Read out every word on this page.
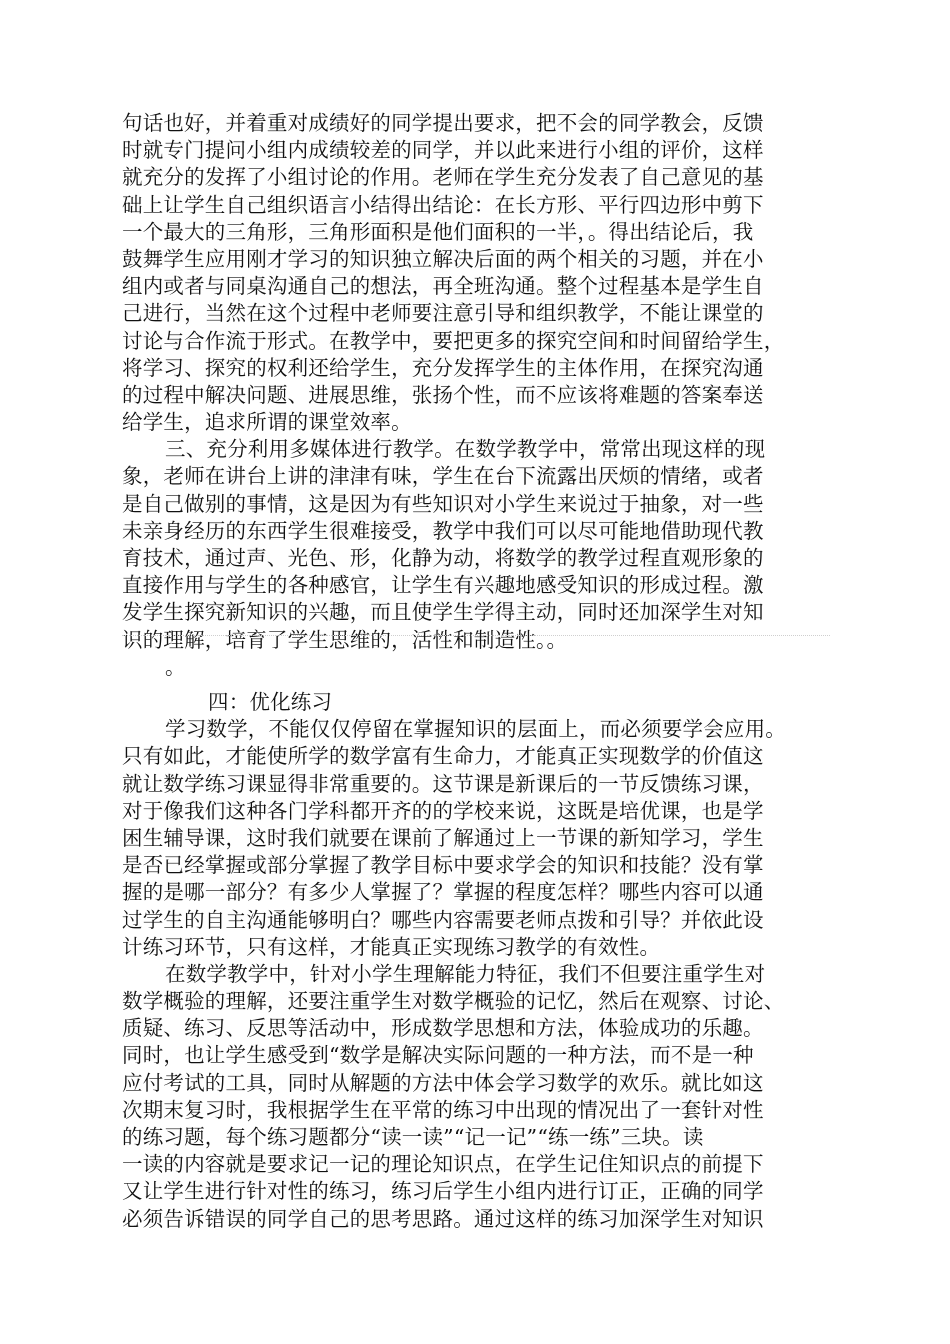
句话也好，并着重对成绩好的同学提出要求，把不会的同学教会，反馈
时就专门提问小组内成绩较差的同学，并以此来进行小组的评价，这样
就充分的发挥了小组讨论的作用。老师在学生充分发表了自己意见的基
础上让学生自己组织语言小结得出结论：在长方形、平行四边形中剪下
一个最大的三角形，三角形面积是他们面积的一半，。得出结论后，我
鼓舞学生应用刚才学习的知识独立解决后面的两个相关的习题，并在小
组内或者与同桌沟通自己的想法，再全班沟通。整个过程基本是学生自
己进行，当然在这个过程中老师要注意引导和组织教学，不能让课堂的
讨论与合作流于形式。在教学中，要把更多的探究空间和时间留给学生，
将学习、探究的权利还给学生，充分发挥学生的主体作用，在探究沟通
的过程中解决问题、进展思维，张扬个性，而不应该将难题的答案奉送
给学生，追求所谓的课堂效率。
三、充分利用多媒体进行教学。在数学教学中，常常出现这样的现
象，老师在讲台上讲的津津有味，学生在台下流露出厌烦的情绪，或者
是自己做别的事情，这是因为有些知识对小学生来说过于抽象，对一些
未亲身经历的东西学生很难接受，教学中我们可以尽可能地借助现代教
育技术，通过声、光色、形，化静为动，将数学的教学过程直观形象的
直接作用与学生的各种感官，让学生有兴趣地感受知识的形成过程。激
发学生探究新知识的兴趣，而且使学生学得主动，同时还加深学生对知
识的理解，培育了学生思维的，活性和制造性。。
。
四：优化练习
学习数学，不能仅仅停留在掌握知识的层面上，而必须要学会应用。
只有如此，才能使所学的数学富有生命力，才能真正实现数学的价值这
就让数学练习课显得非常重要的。这节课是新课后的一节反馈练习课，
对于像我们这种各门学科都开齐的的学校来说，这既是培优课，也是学
困生辅导课，这时我们就要在课前了解通过上一节课的新知学习，学生
是否已经掌握或部分掌握了教学目标中要求学会的知识和技能？没有掌
握的是哪一部分？有多少人掌握了？掌握的程度怎样？哪些内容可以通
过学生的自主沟通能够明白？哪些内容需要老师点拨和引导？并依此设
计练习环节，只有这样，才能真正实现练习教学的有效性。
在数学教学中，针对小学生理解能力特征，我们不但要注重学生对
数学概验的理解，还要注重学生对数学概验的记忆，然后在观察、讨论、
质疑、练习、反思等活动中，形成数学思想和方法，体验成功的乐趣。
同时，也让学生感受到“数学是解决实际问题的一种方法，而不是一种
应付考试的工具，同时从解题的方法中体会学习数学的欢乐。就比如这
次期末复习时，我根据学生在平常的练习中出现的情况出了一套针对性
的练习题，每个练习题都分“读一读”“记一记”“练一练”三块。读
一读的内容就是要求记一记的理论知识点，在学生记住知识点的前提下
又让学生进行针对性的练习，练习后学生小组内进行订正，正确的同学
必须告诉错误的同学自己的思考思路。通过这样的练习加深学生对知识
